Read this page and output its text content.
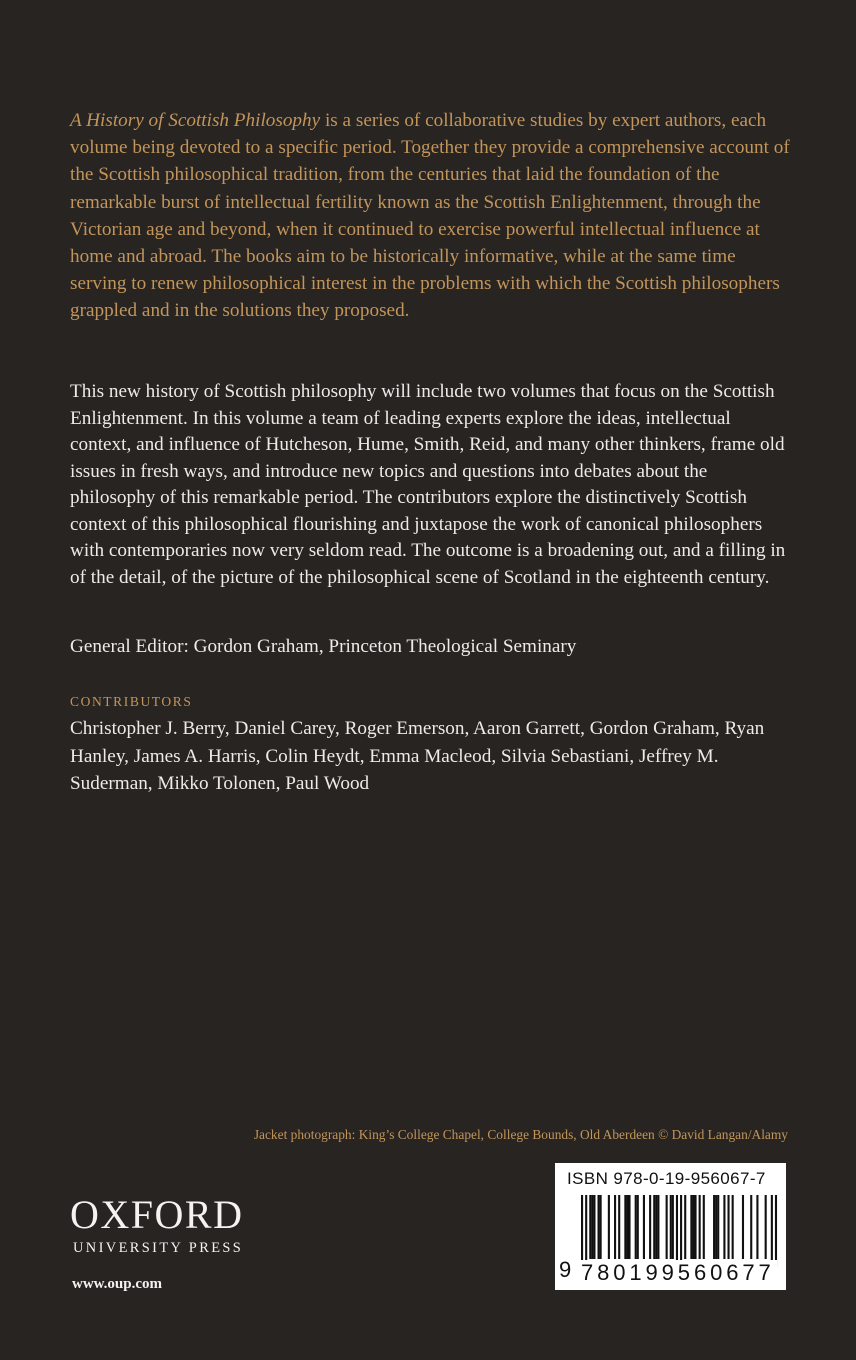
A History of Scottish Philosophy is a series of collaborative studies by expert authors, each volume being devoted to a specific period. Together they provide a comprehensive account of the Scottish philosophical tradition, from the centuries that laid the foundation of the remarkable burst of intellectual fertility known as the Scottish Enlightenment, through the Victorian age and beyond, when it continued to exercise powerful intellectual influence at home and abroad. The books aim to be historically informative, while at the same time serving to renew philosophical interest in the problems with which the Scottish philosophers grappled and in the solutions they proposed.

This new history of Scottish philosophy will include two volumes that focus on the Scottish Enlightenment. In this volume a team of leading experts explore the ideas, intellectual context, and influence of Hutcheson, Hume, Smith, Reid, and many other thinkers, frame old issues in fresh ways, and introduce new topics and questions into debates about the philosophy of this remarkable period. The contributors explore the distinctively Scottish context of this philosophical flourishing and juxtapose the work of canonical philosophers with contemporaries now very seldom read. The outcome is a broadening out, and a filling in of the detail, of the picture of the philosophical scene of Scotland in the eighteenth century.

General Editor: Gordon Graham, Princeton Theological Seminary

CONTRIBUTORS

Christopher J. Berry, Daniel Carey, Roger Emerson, Aaron Garrett, Gordon Graham, Ryan Hanley, James A. Harris, Colin Heydt, Emma Macleod, Silvia Sebastiani, Jeffrey M. Suderman, Mikko Tolonen, Paul Wood

Jacket photograph: King’s College Chapel, College Bounds, Old Aberdeen © David Langan/Alamy

OXFORD
UNIVERSITY PRESS

www.oup.com

ISBN 978-0-19-956067-7

9 780199560677
